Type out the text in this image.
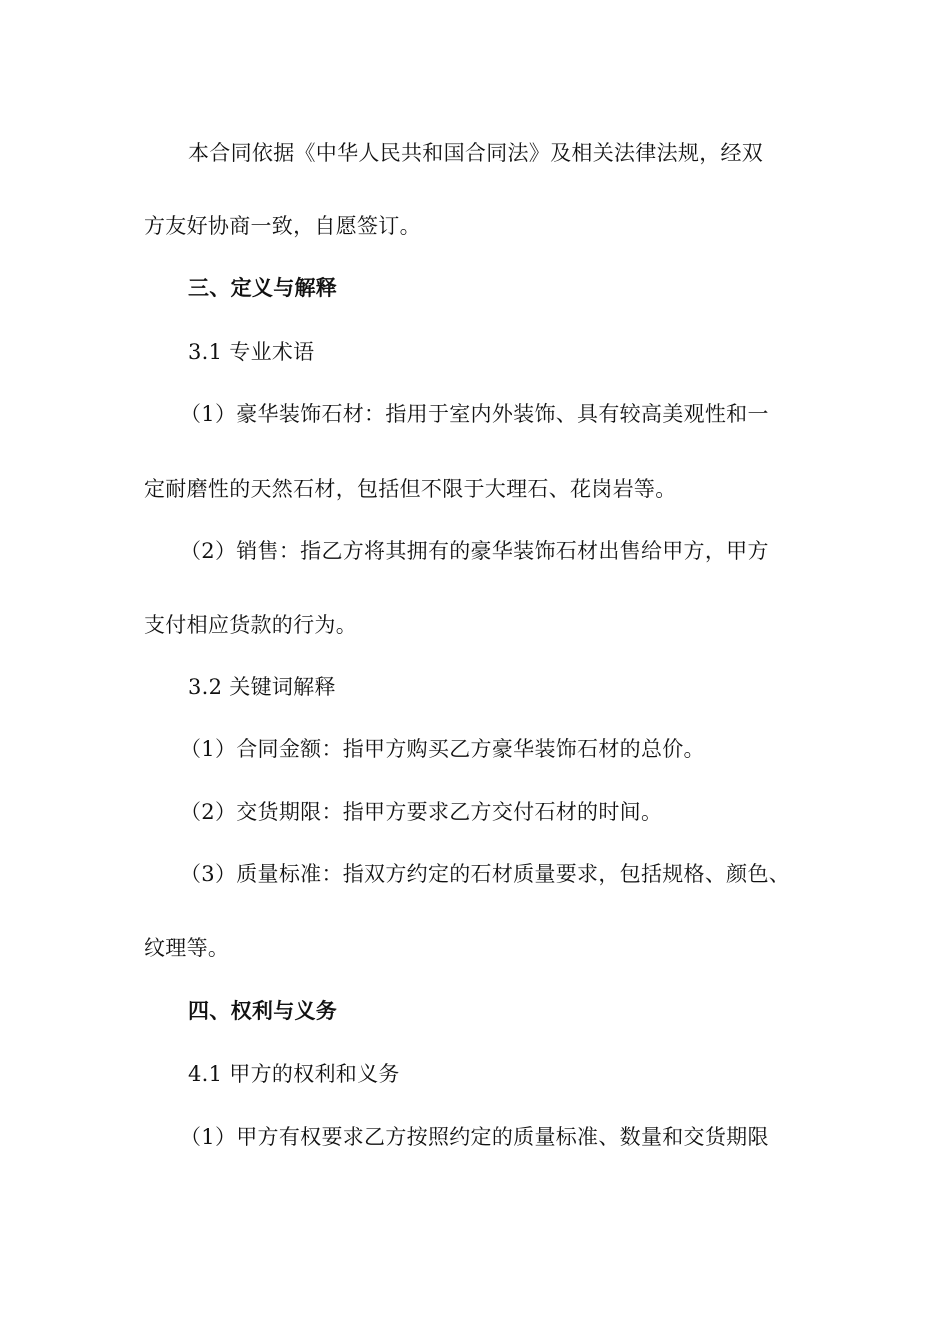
本合同依据《中华人民共和国合同法》及相关法律法规，经双
方友好协商一致，自愿签订。
三、定义与解释
3.1 专业术语
（1）豪华装饰石材：指用于室内外装饰、具有较高美观性和一
定耐磨性的天然石材，包括但不限于大理石、花岗岩等。
（2）销售：指乙方将其拥有的豪华装饰石材出售给甲方，甲方
支付相应货款的行为。
3.2 关键词解释
（1）合同金额：指甲方购买乙方豪华装饰石材的总价。
（2）交货期限：指甲方要求乙方交付石材的时间。
（3）质量标准：指双方约定的石材质量要求，包括规格、颜色、
纹理等。
四、权利与义务
4.1 甲方的权利和义务
（1）甲方有权要求乙方按照约定的质量标准、数量和交货期限
